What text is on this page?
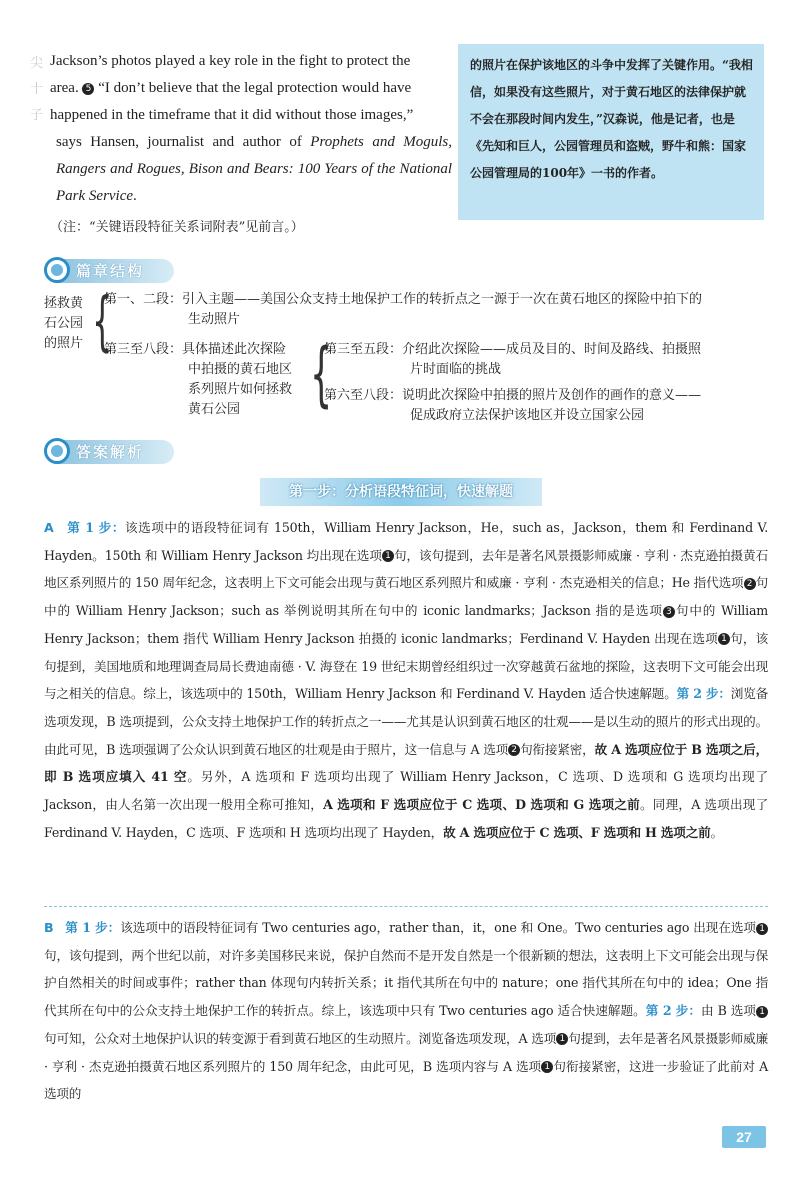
尖
十
子

Jackson’s photos played a key role in the fight to protect the

area. 5 “I don’t believe that the legal protection would have

happened in the timeframe that it did without those images,”

says Hansen, journalist and author of Prophets and Moguls, Rangers and Rogues, Bison and Bears: 100 Years of the National Park Service.

的照片在保护该地区的斗争中发挥了关键作用。“我相信，如果没有这些照片，对于黄石地区的法律保护就不会在那段时间内发生，”汉森说，他是记者，也是《先知和巨人，公园管理员和盗贼，野牛和熊：国家公园管理局的100年》一书的作者。
（注：“关键语段特征关系词附表”见前言。）
篇章结构
拯救黄
石公园
的照片 {
第一、二段：引入主题——美国公众支持土地保护工作的转折点之一源于一次在黄石地区的探险中拍下的
生动照片
第三至八段：具体描述此次探险
中拍摄的黄石地区
系列照片如何拯救
黄石公园 {
第三至五段：介绍此次探险——成员及目的、时间及路线、拍摄照
片时面临的挑战
第六至八段：说明此次探险中拍摄的照片及创作的画作的意义——
促成政府立法保护该地区并设立国家公园
答案解析
第一步：分析语段特征词，快速解题
A 第 1 步：该选项中的语段特征词有 150th，William Henry Jackson，He，such as，Jackson，them 和 Ferdinand V. Hayden。150th 和 William Henry Jackson 均出现在选项 1 句，该句提到，去年是著名风景摄影师威廉 · 亨利 · 杰克逊拍摄黄石地区系列照片的 150 周年纪念，这表明上下文可能会出现与黄石地区系列照片和威廉 · 亨利 · 杰克逊相关的信息；He 指代选项 2 句中的 William Henry Jackson；such as 举例说明其所在句中的 iconic landmarks；Jackson 指的是选项 3 句中的 William Henry Jackson；them 指代 William Henry Jackson 拍摄的 iconic landmarks；Ferdinand V. Hayden 出现在选项 1 句，该句提到，美国地质和地理调查局局长费迪南德 · V. 海登在 19 世纪末期曾经组织过一次穿越黄石盆地的探险，这表明下文可能会出现与之相关的信息。综上，该选项中的 150th，William Henry Jackson 和 Ferdinand V. Hayden 适合快速解题。第 2 步：浏览备选项发现，B 选项提到，公众支持土地保护工作的转折点之一——尤其是认识到黄石地区的壮观——是以生动的照片的形式出现的。由此可见，B 选项强调了公众认识到黄石地区的壮观是由于照片，这一信息与 A 选项 2 句衔接紧密，故 A 选项应位于 B 选项之后，即 B 选项应填入 41 空。另外，A 选项和 F 选项均出现了 William Henry Jackson，C 选项、D 选项和 G 选项均出现了 Jackson，由人名第一次出现一般用全称可推知，A 选项和 F 选项应位于 C 选项、D 选项和 G 选项之前。同理，A 选项出现了 Ferdinand V. Hayden，C 选项、F 选项和 H 选项均出现了 Hayden，故 A 选项应位于 C 选项、F 选项和 H 选项之前。
B 第 1 步：该选项中的语段特征词有 Two centuries ago，rather than，it，one 和 One。Two centuries ago 出现在选项 1句，该句提到，两个世纪以前，对许多美国移民来说，保护自然而不是开发自然是一个很新颖的想法，这表明上下文可能会出现与保护自然相关的时间或事件；rather than 体现句内转折关系；it 指代其所在句中的 nature；one 指代其所在句中的 idea；One 指代其所在句中的公众支持土地保护工作的转折点。综上，该选项中只有 Two centuries ago 适合快速解题。第 2 步：由 B 选项 1句可知，公众对土地保护认识的转变源于看到黄石地区的生动照片。浏览备选项发现，A 选项 1 句提到，去年是著名风景摄影师威廉 · 亨利 · 杰克逊拍摄黄石地区系列照片的 150 周年纪念，由此可见，B 选项内容与 A 选项 1 句衔接紧密，这进一步验证了此前对 A 选项的
27
